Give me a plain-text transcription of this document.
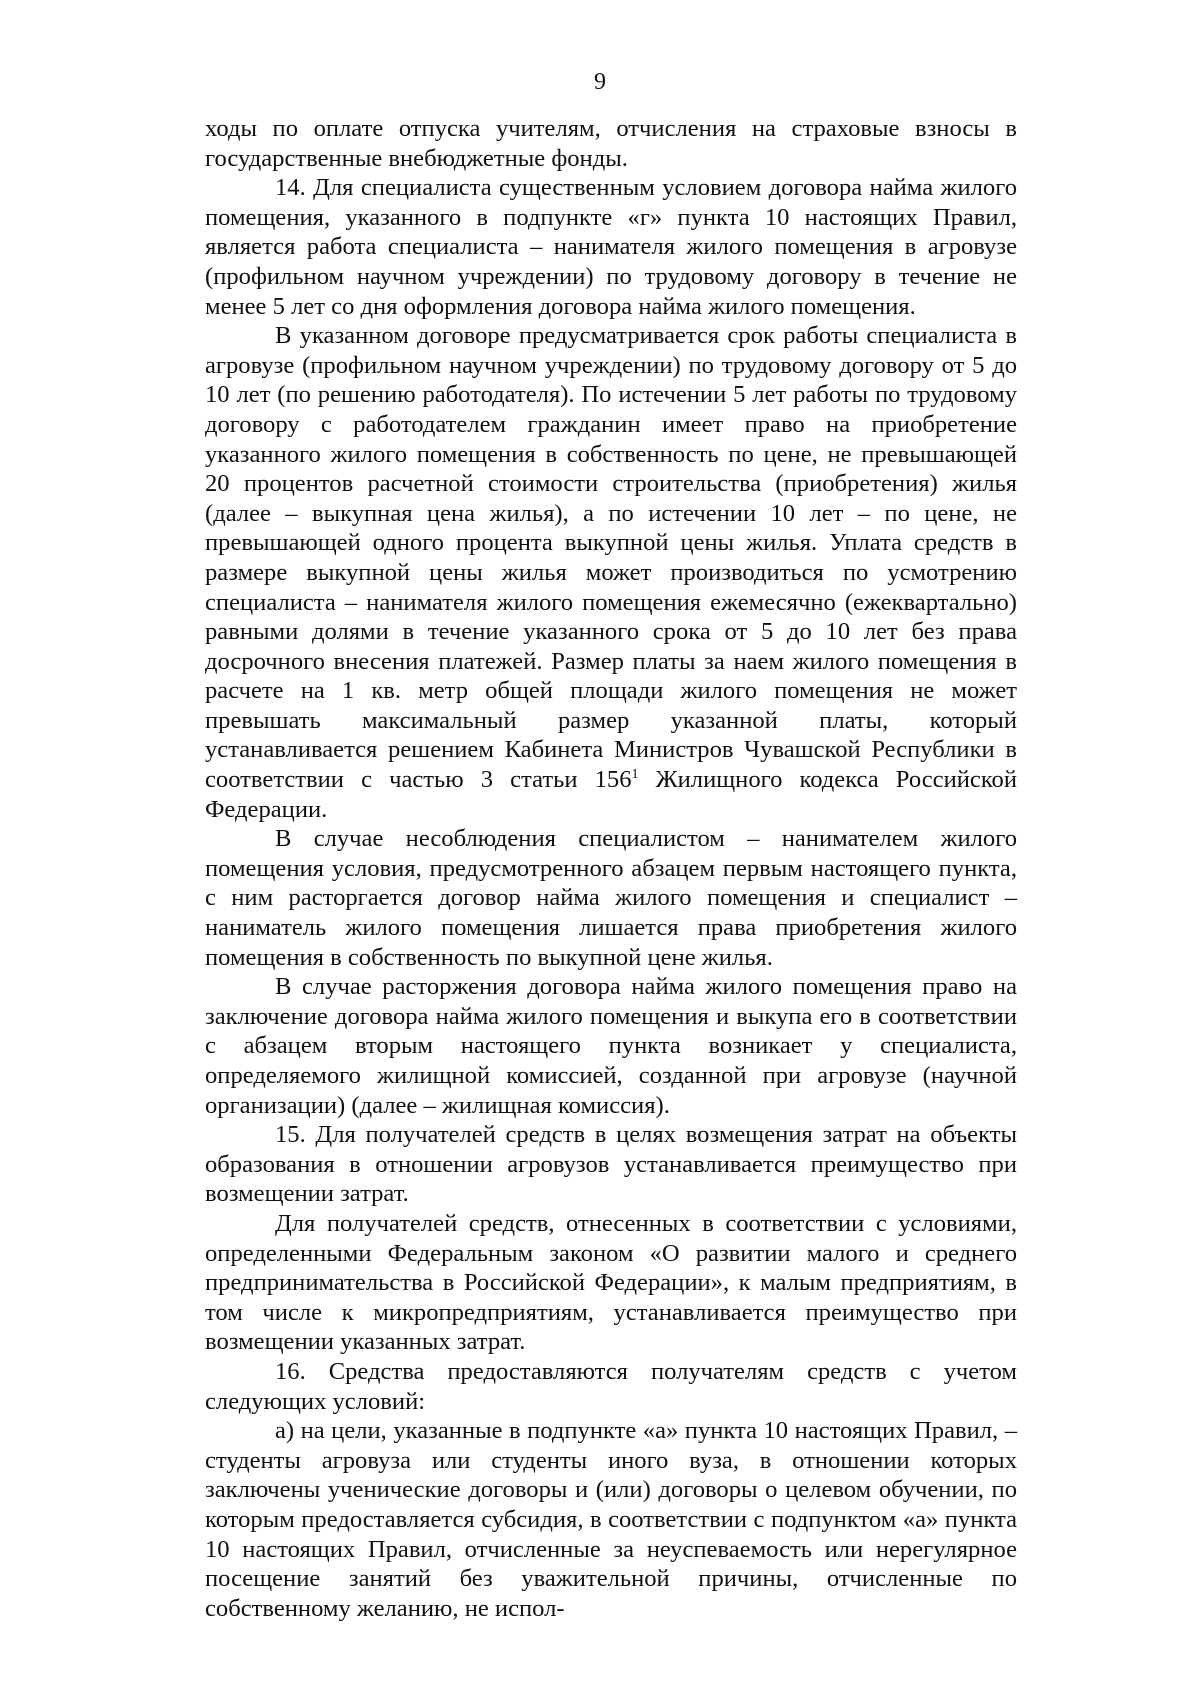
9

ходы по оплате отпуска учителям, отчисления на страховые взносы в государственные внебюджетные фонды.

14. Для специалиста существенным условием договора найма жилого помещения, указанного в подпункте «г» пункта 10 настоящих Правил, является работа специалиста – нанимателя жилого помещения в агровузе (профильном научном учреждении) по трудовому договору в течение не менее 5 лет со дня оформления договора найма жилого помещения.

В указанном договоре предусматривается срок работы специалиста в агровузе (профильном научном учреждении) по трудовому договору от 5 до 10 лет (по решению работодателя). По истечении 5 лет работы по трудовому договору с работодателем гражданин имеет право на приобретение указанного жилого помещения в собственность по цене, не превышающей 20 процентов расчетной стоимости строительства (приобретения) жилья (далее – выкупная цена жилья), а по истечении 10 лет – по цене, не превышающей одного процента выкупной цены жилья. Уплата средств в размере выкупной цены жилья может производиться по усмотрению специалиста – нанимателя жилого помещения ежемесячно (ежеквартально) равными долями в течение указанного срока от 5 до 10 лет без права досрочного внесения платежей. Размер платы за наем жилого помещения в расчете на 1 кв. метр общей площади жилого помещения не может превышать максимальный размер указанной платы, который устанавливается решением Кабинета Министров Чувашской Республики в соответствии с частью 3 статьи $156^1$ Жилищного кодекса Российской Федерации.

В случае несоблюдения специалистом – нанимателем жилого помещения условия, предусмотренного абзацем первым настоящего пункта, с ним расторгается договор найма жилого помещения и специалист – наниматель жилого помещения лишается права приобретения жилого помещения в собственность по выкупной цене жилья.

В случае расторжения договора найма жилого помещения право на заключение договора найма жилого помещения и выкупа его в соответствии с абзацем вторым настоящего пункта возникает у специалиста, определяемого жилищной комиссией, созданной при агровузе (научной организации) (далее – жилищная комиссия).

15. Для получателей средств в целях возмещения затрат на объекты образования в отношении агровузов устанавливается преимущество при возмещении затрат.

Для получателей средств, отнесенных в соответствии с условиями, определенными Федеральным законом «О развитии малого и среднего предпринимательства в Российской Федерации», к малым предприятиям, в том числе к микропредприятиям, устанавливается преимущество при возмещении указанных затрат.

16. Средства предоставляются получателям средств с учетом следующих условий:

а) на цели, указанные в подпункте «а» пункта 10 настоящих Правил, – студенты агровуза или студенты иного вуза, в отношении которых заключены ученические договоры и (или) договоры о целевом обучении, по которым предоставляется субсидия, в соответствии с подпунктом «а» пункта 10 настоящих Правил, отчисленные за неуспеваемость или нерегулярное посещение занятий без уважительной причины, отчисленные по собственному желанию, не испол-
